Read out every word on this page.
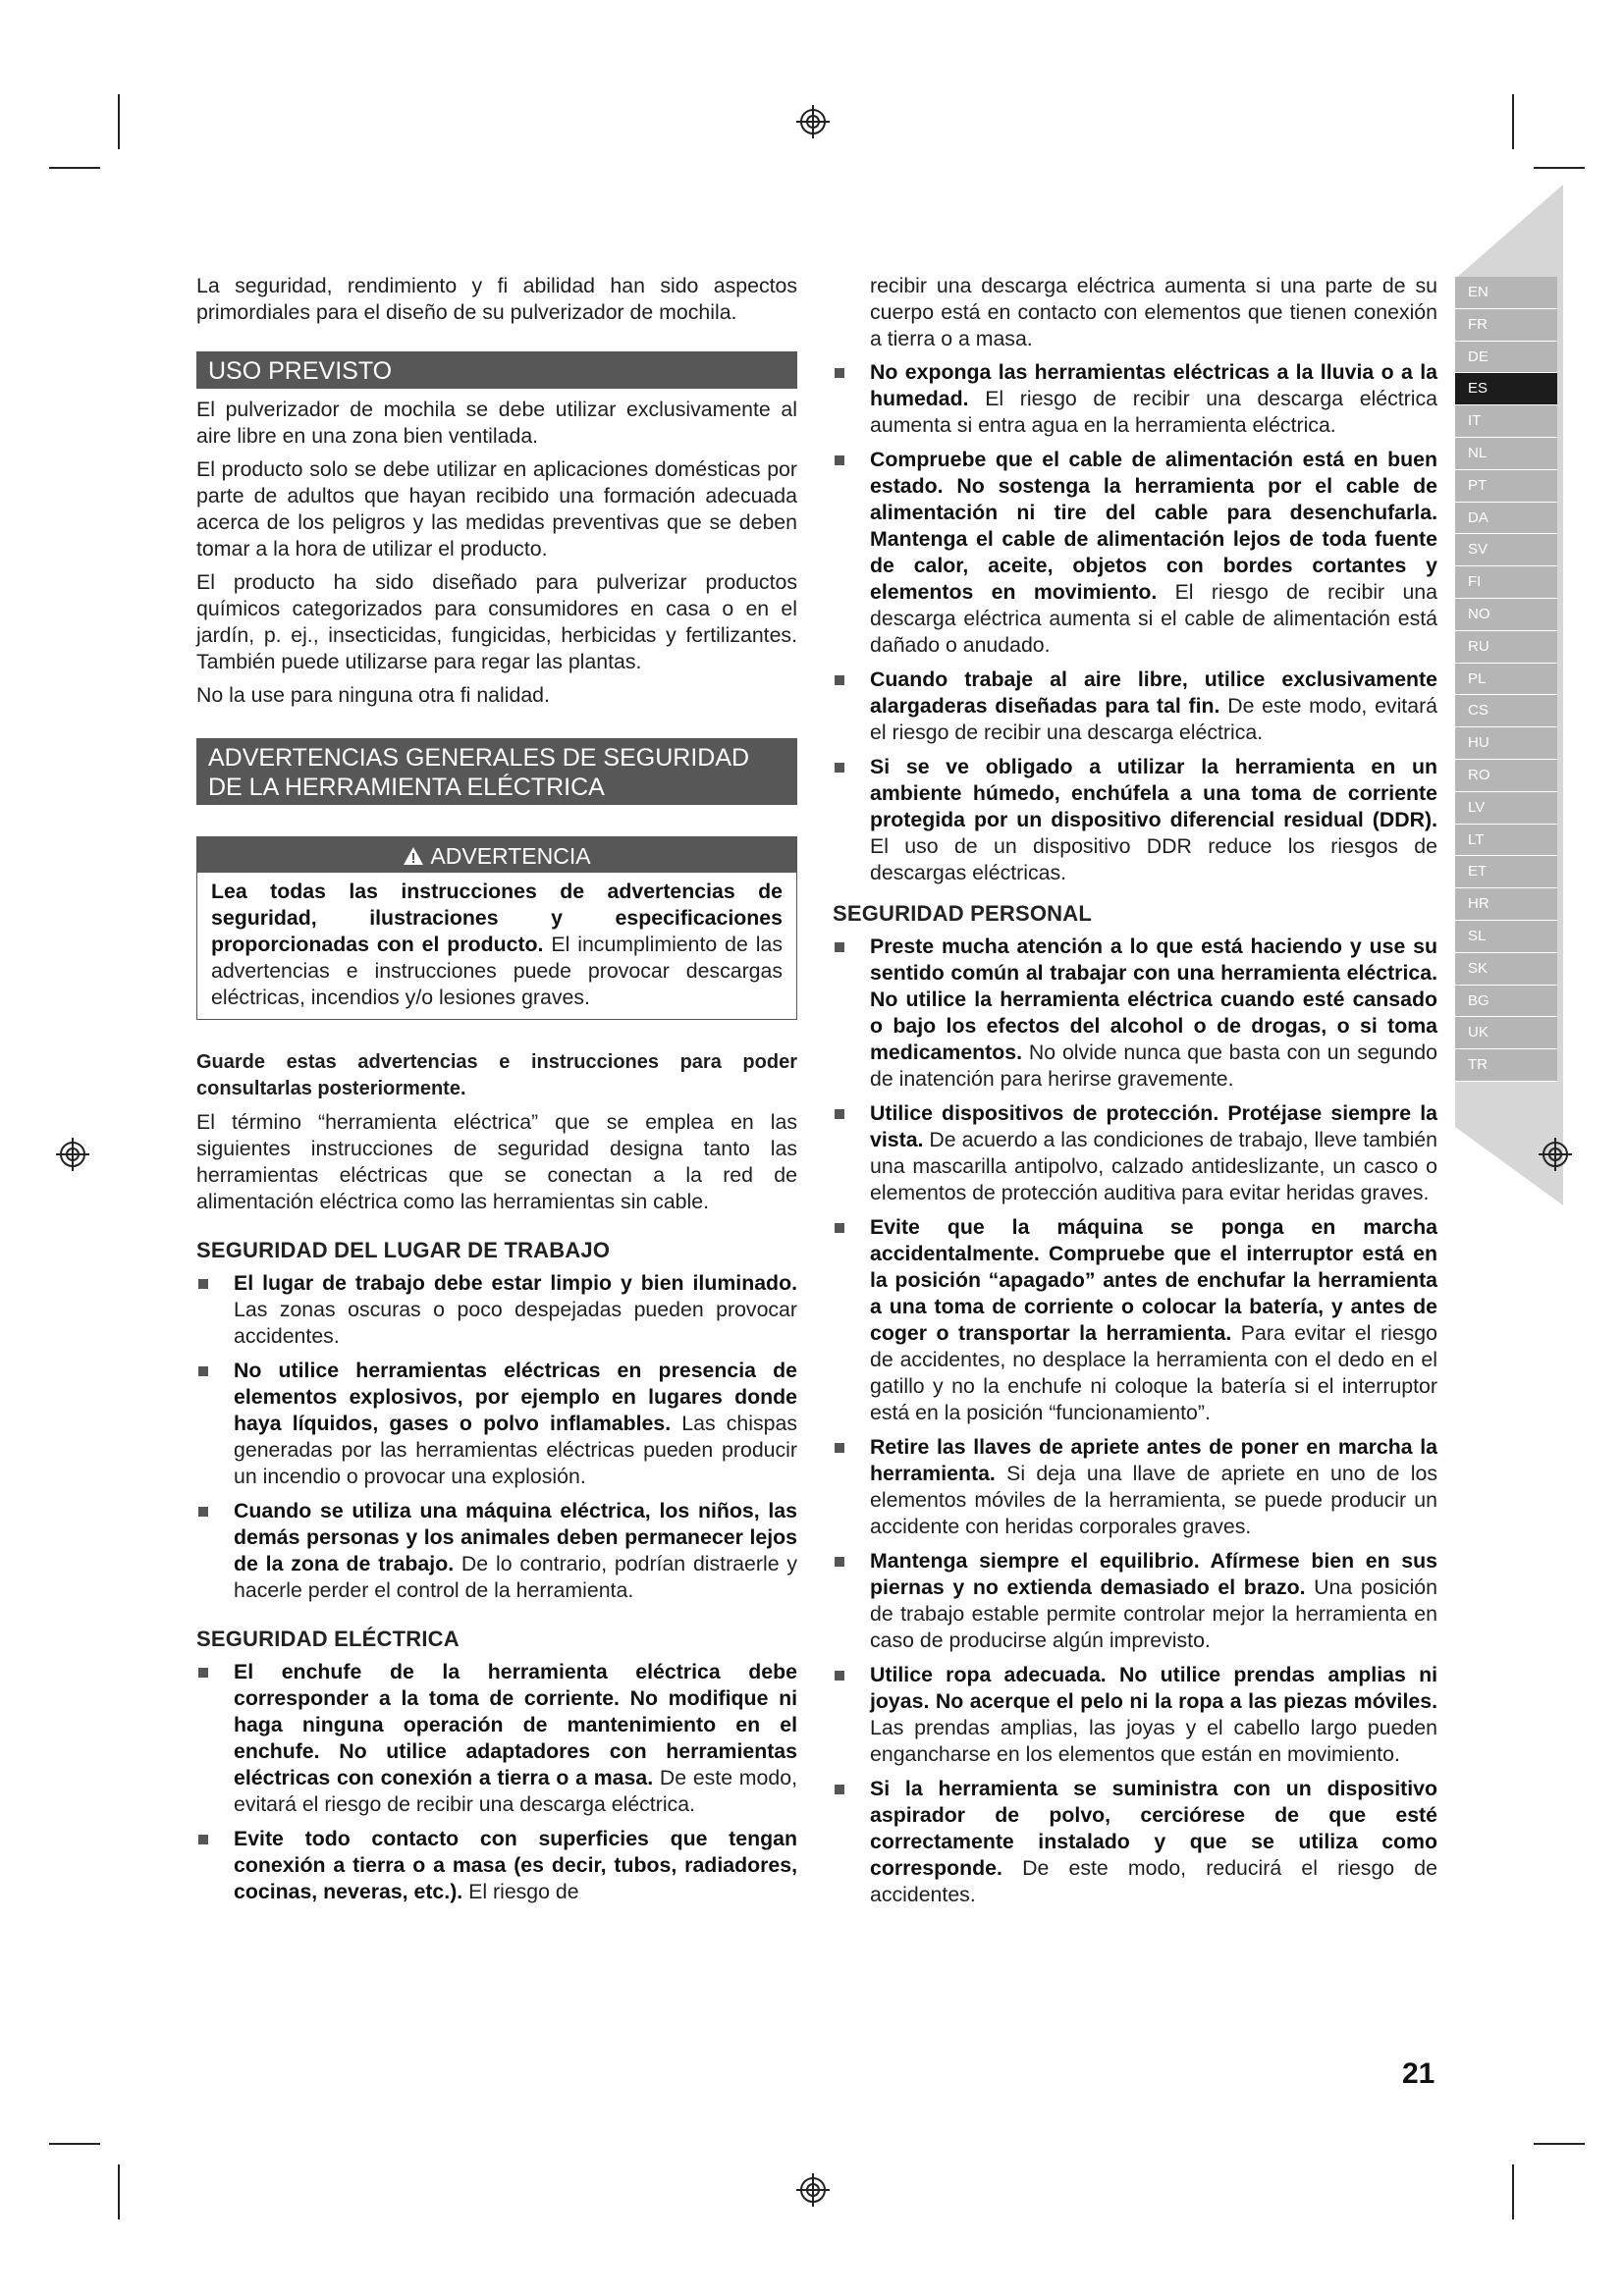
EN
FR
DE
ES
IT
NL
PT
DA
SV
FI
NO
RU
PL
CS
HU
RO
LV
LT
ET
HR
SL
SK
BG
UK
TR

La seguridad, rendimiento y fi abilidad han sido aspectos primordiales para el diseño de su pulverizador de mochila.

USO PREVISTO

El pulverizador de mochila se debe utilizar exclusivamente al aire libre en una zona bien ventilada.

El producto solo se debe utilizar en aplicaciones domésticas por parte de adultos que hayan recibido una formación adecuada acerca de los peligros y las medidas preventivas que se deben tomar a la hora de utilizar el producto.

El producto ha sido diseñado para pulverizar productos químicos categorizados para consumidores en casa o en el jardín, p. ej., insecticidas, fungicidas, herbicidas y fertilizantes. También puede utilizarse para regar las plantas.

No la use para ninguna otra fi nalidad.

ADVERTENCIAS GENERALES DE SEGURIDAD DE LA HERRAMIENTA ELÉCTRICA
ADVERTENCIA

Lea todas las instrucciones de advertencias de seguridad, ilustraciones y especificaciones proporcionadas con el producto. El incumplimiento de las advertencias e instrucciones puede provocar descargas eléctricas, incendios y/o lesiones graves.

Guarde estas advertencias e instrucciones para poder consultarlas posteriormente.

El término “herramienta eléctrica” que se emplea en las siguientes instrucciones de seguridad designa tanto las herramientas eléctricas que se conectan a la red de alimentación eléctrica como las herramientas sin cable.

SEGURIDAD DEL LUGAR DE TRABAJO
El lugar de trabajo debe estar limpio y bien iluminado. Las zonas oscuras o poco despejadas pueden provocar accidentes.
No utilice herramientas eléctricas en presencia de elementos explosivos, por ejemplo en lugares donde haya líquidos, gases o polvo inflamables. Las chispas generadas por las herramientas eléctricas pueden producir un incendio o provocar una explosión.
Cuando se utiliza una máquina eléctrica, los niños, las demás personas y los animales deben permanecer lejos de la zona de trabajo. De lo contrario, podrían distraerle y hacerle perder el control de la herramienta.
SEGURIDAD ELÉCTRICA
El enchufe de la herramienta eléctrica debe corresponder a la toma de corriente. No modifique ni haga ninguna operación de mantenimiento en el enchufe. No utilice adaptadores con herramientas eléctricas con conexión a tierra o a masa. De este modo, evitará el riesgo de recibir una descarga eléctrica.
Evite todo contacto con superficies que tengan conexión a tierra o a masa (es decir, tubos, radiadores, cocinas, neveras, etc.). El riesgo de

recibir una descarga eléctrica aumenta si una parte de su cuerpo está en contacto con elementos que tienen conexión a tierra o a masa.

No exponga las herramientas eléctricas a la lluvia o a la humedad. El riesgo de recibir una descarga eléctrica aumenta si entra agua en la herramienta eléctrica.
Compruebe que el cable de alimentación está en buen estado. No sostenga la herramienta por el cable de alimentación ni tire del cable para desenchufarla. Mantenga el cable de alimentación lejos de toda fuente de calor, aceite, objetos con bordes cortantes y elementos en movimiento. El riesgo de recibir una descarga eléctrica aumenta si el cable de alimentación está dañado o anudado.
Cuando trabaje al aire libre, utilice exclusivamente alargaderas diseñadas para tal fin. De este modo, evitará el riesgo de recibir una descarga eléctrica.
Si se ve obligado a utilizar la herramienta en un ambiente húmedo, enchúfela a una toma de corriente protegida por un dispositivo diferencial residual (DDR). El uso de un dispositivo DDR reduce los riesgos de descargas eléctricas.
SEGURIDAD PERSONAL
Preste mucha atención a lo que está haciendo y use su sentido común al trabajar con una herramienta eléctrica. No utilice la herramienta eléctrica cuando esté cansado o bajo los efectos del alcohol o de drogas, o si toma medicamentos. No olvide nunca que basta con un segundo de inatención para herirse gravemente.
Utilice dispositivos de protección. Protéjase siempre la vista. De acuerdo a las condiciones de trabajo, lleve también una mascarilla antipolvo, calzado antideslizante, un casco o elementos de protección auditiva para evitar heridas graves.
Evite que la máquina se ponga en marcha accidentalmente. Compruebe que el interruptor está en la posición “apagado” antes de enchufar la herramienta a una toma de corriente o colocar la batería, y antes de coger o transportar la herramienta. Para evitar el riesgo de accidentes, no desplace la herramienta con el dedo en el gatillo y no la enchufe ni coloque la batería si el interruptor está en la posición “funcionamiento”.
Retire las llaves de apriete antes de poner en marcha la herramienta. Si deja una llave de apriete en uno de los elementos móviles de la herramienta, se puede producir un accidente con heridas corporales graves.
Mantenga siempre el equilibrio. Afírmese bien en sus piernas y no extienda demasiado el brazo. Una posición de trabajo estable permite controlar mejor la herramienta en caso de producirse algún imprevisto.
Utilice ropa adecuada. No utilice prendas amplias ni joyas. No acerque el pelo ni la ropa a las piezas móviles. Las prendas amplias, las joyas y el cabello largo pueden engancharse en los elementos que están en movimiento.
Si la herramienta se suministra con un dispositivo aspirador de polvo, cerciórese de que esté correctamente instalado y que se utiliza como corresponde. De este modo, reducirá el riesgo de accidentes.
21
